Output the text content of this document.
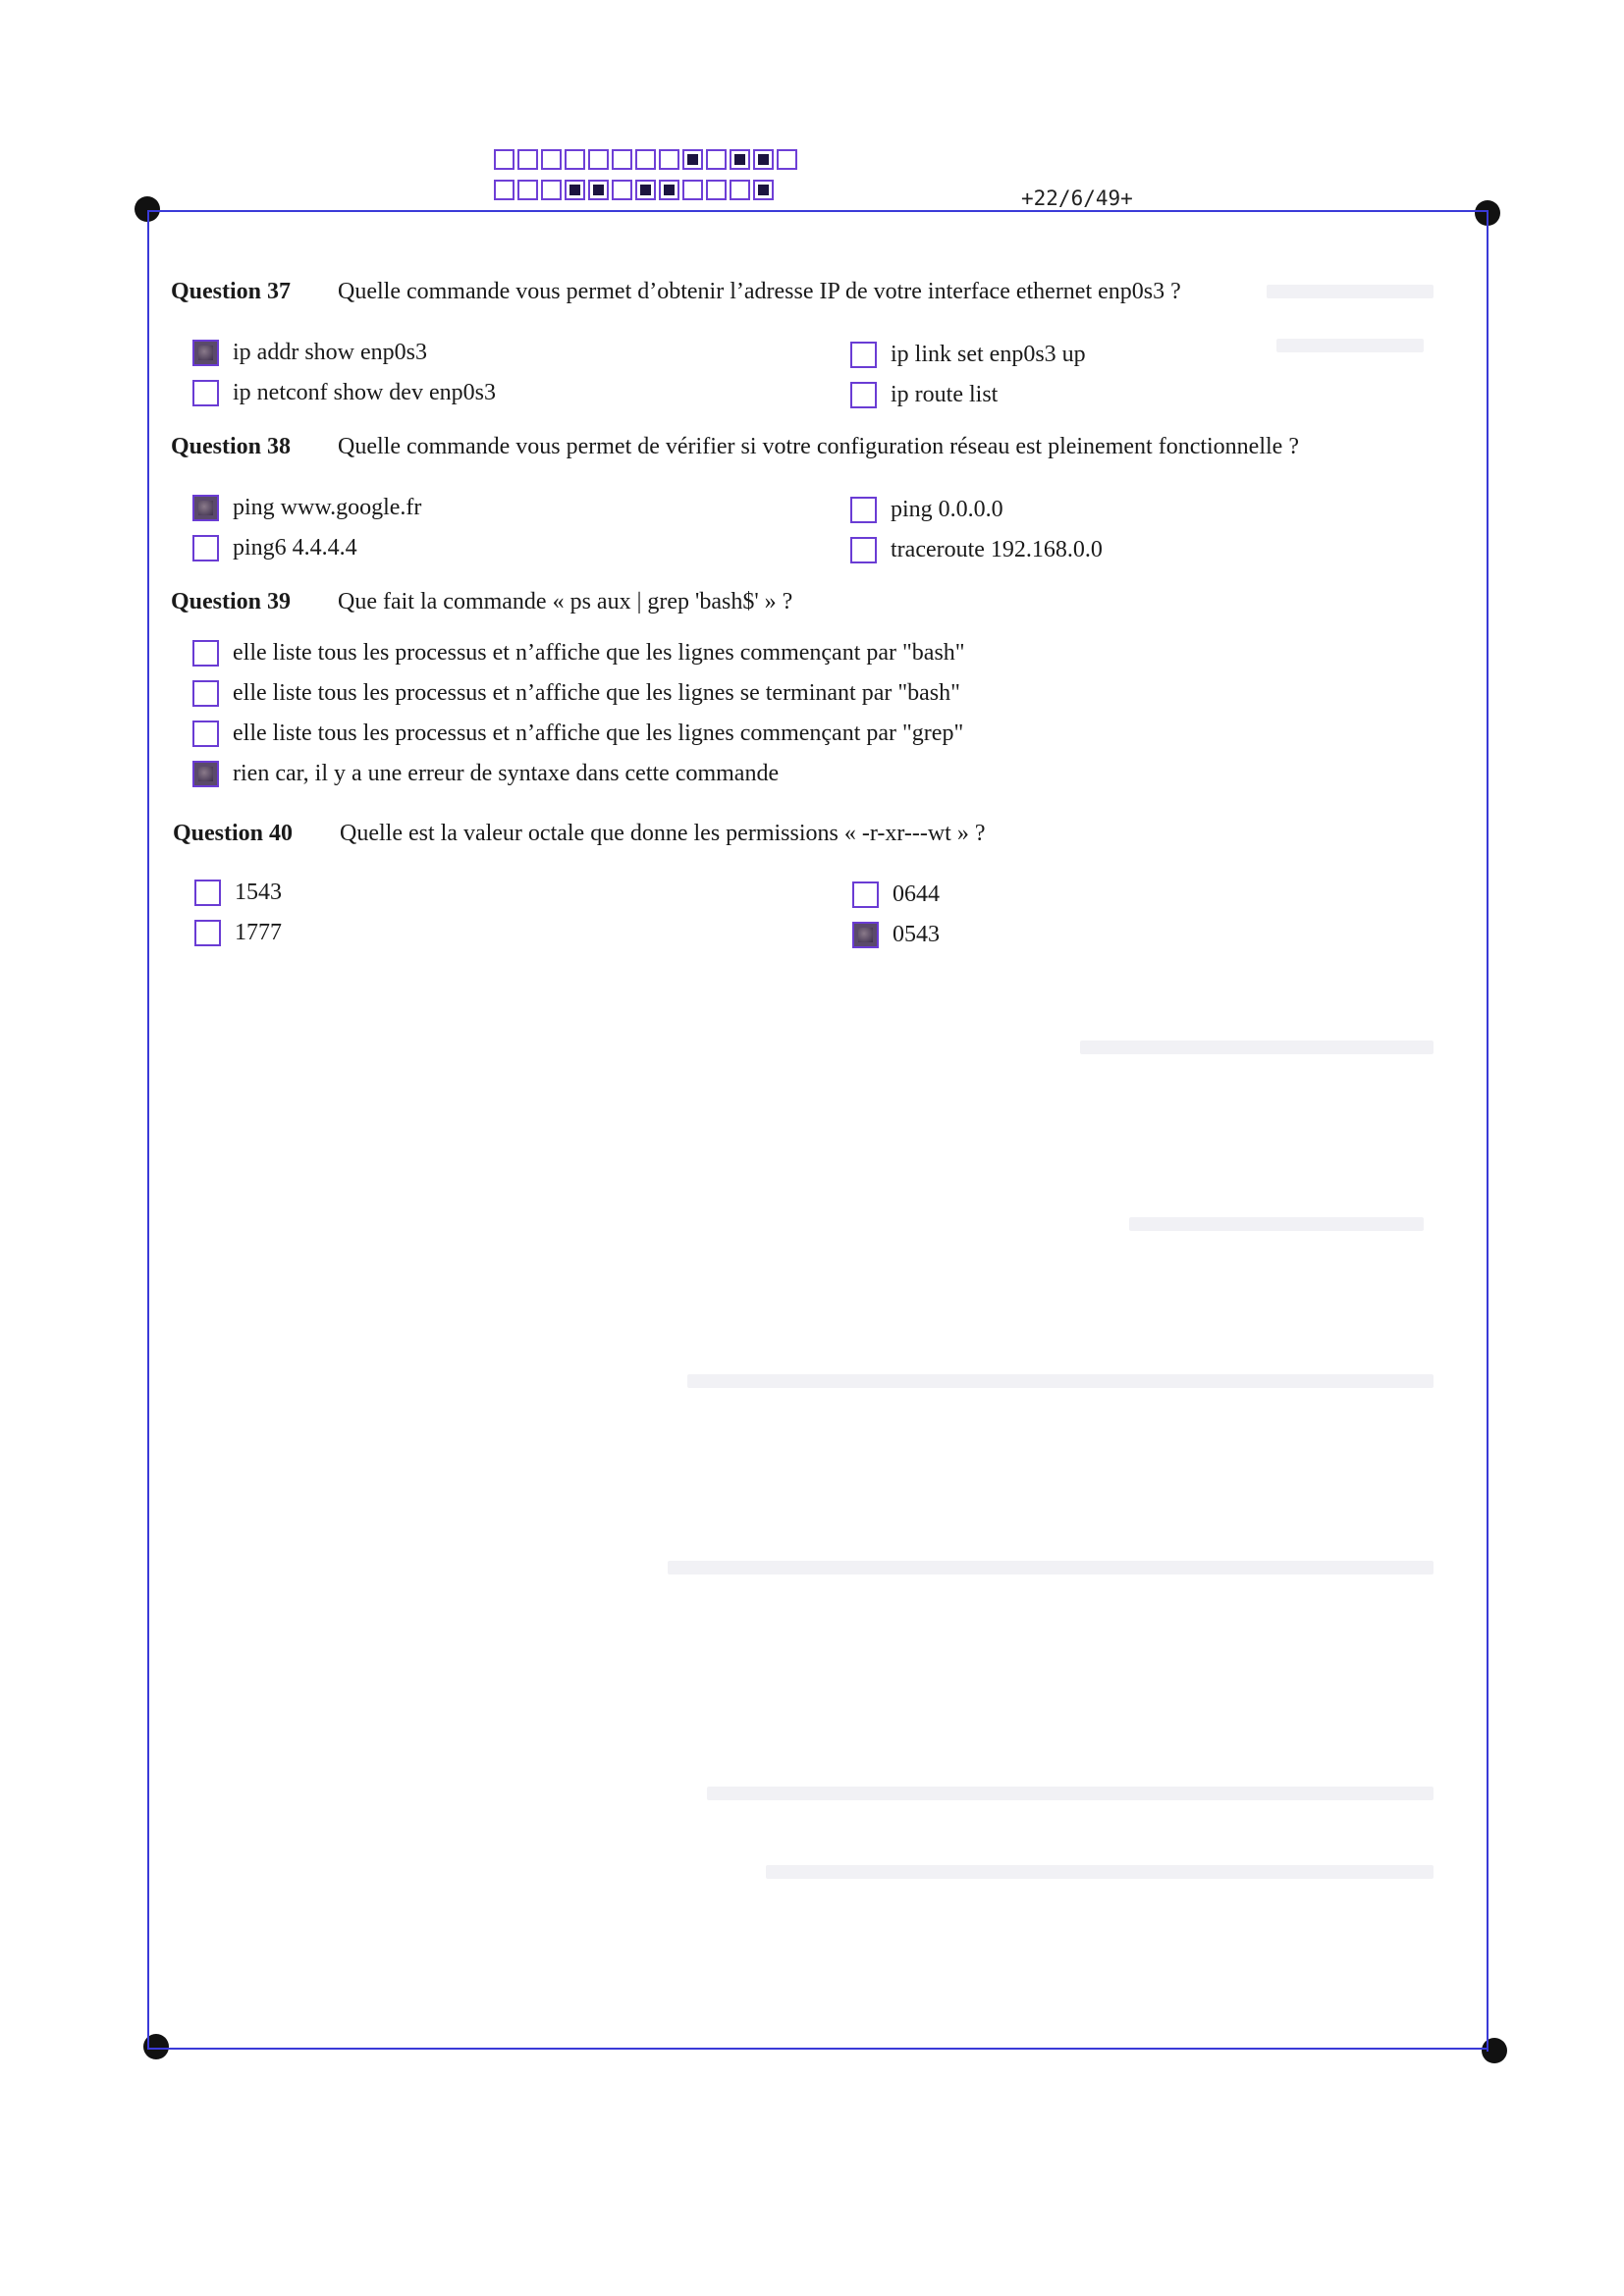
+22/6/49+
Question 37	Quelle commande vous permet d’obtenir l’adresse IP de votre interface ethernet enp0s3 ?
ip addr show enp0s3	ip link set enp0s3 up
ip netconf show dev enp0s3	ip route list
Question 38	Quelle commande vous permet de vérifier si votre configuration réseau est pleinement fonctionnelle ?
ping www.google.fr	ping 0.0.0.0
ping6 4.4.4.4	traceroute 192.168.0.0
Question 39	Que fait la commande « ps aux | grep 'bash$' » ?
elle liste tous les processus et n’affiche que les lignes commençant par "bash"
elle liste tous les processus et n’affiche que les lignes se terminant par "bash"
elle liste tous les processus et n’affiche que les lignes commençant par "grep"
rien car, il y a une erreur de syntaxe dans cette commande
Question 40	Quelle est la valeur octale que donne les permissions « -r-xr---wt » ?
1543	0644
1777	0543
